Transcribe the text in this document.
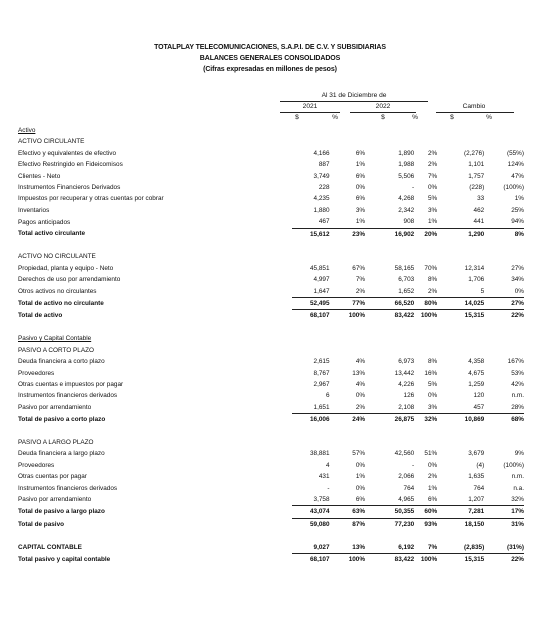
TOTALPLAY TELECOMUNICACIONES, S.A.P.I. DE C.V. Y SUBSIDIARIAS
BALANCES GENERALES CONSOLIDADOS
(Cifras expresadas en millones de pesos)
Al 31 de Diciembre de
2021	2022	Cambio
$	%	$	%	$	%
Activo						
ACTIVO CIRCULANTE						
Efectivo y equivalentes de efectivo	4,166	6%	1,890	2%	(2,276)	(55%)
Efectivo Restringido en Fideicomisos	887	1%	1,988	2%	1,101	124%
Clientes - Neto	3,749	6%	5,506	7%	1,757	47%
Instrumentos Financieros Derivados	228	0%	-	0%	(228)	(100%)
Impuestos por recuperar y otras cuentas por cobrar	4,235	6%	4,268	5%	33	1%
Inventarios	1,880	3%	2,342	3%	462	25%
Pagos anticipados	467	1%	908	1%	441	94%
Total activo circulante	15,612	23%	16,902	20%	1,290	8%

ACTIVO NO CIRCULANTE						
Propiedad, planta y equipo - Neto	45,851	67%	58,165	70%	12,314	27%
Derechos de uso por arrendamiento	4,997	7%	6,703	8%	1,706	34%
Otros activos no circulantes	1,647	2%	1,652	2%	5	0%
Total de activo no circulante	52,495	77%	66,520	80%	14,025	27%
Total de activo	68,107	100%	83,422	100%	15,315	22%

Pasivo y Capital Contable						
PASIVO A CORTO PLAZO						
Deuda financiera a corto plazo	2,615	4%	6,973	8%	4,358	167%
Proveedores	8,767	13%	13,442	16%	4,675	53%
Otras cuentas e impuestos por pagar	2,967	4%	4,226	5%	1,259	42%
Instrumentos financieros derivados	6	0%	126	0%	120	n.m.
Pasivo por arrendamiento	1,651	2%	2,108	3%	457	28%
Total de pasivo a corto plazo	16,006	24%	26,875	32%	10,869	68%

PASIVO A LARGO PLAZO						
Deuda financiera a largo plazo	38,881	57%	42,560	51%	3,679	9%
Proveedores	4	0%	-	0%	(4)	(100%)
Otras cuentas por pagar	431	1%	2,066	2%	1,635	n.m.
Instrumentos financieros derivados	-	0%	764	1%	764	n.a.
Pasivo por arrendamiento	3,758	6%	4,965	6%	1,207	32%
Total de pasivo a largo plazo	43,074	63%	50,355	60%	7,281	17%
Total de pasivo	59,080	87%	77,230	93%	18,150	31%

CAPITAL CONTABLE	9,027	13%	6,192	7%	(2,835)	(31%)
Total pasivo y capital contable	68,107	100%	83,422	100%	15,315	22%
